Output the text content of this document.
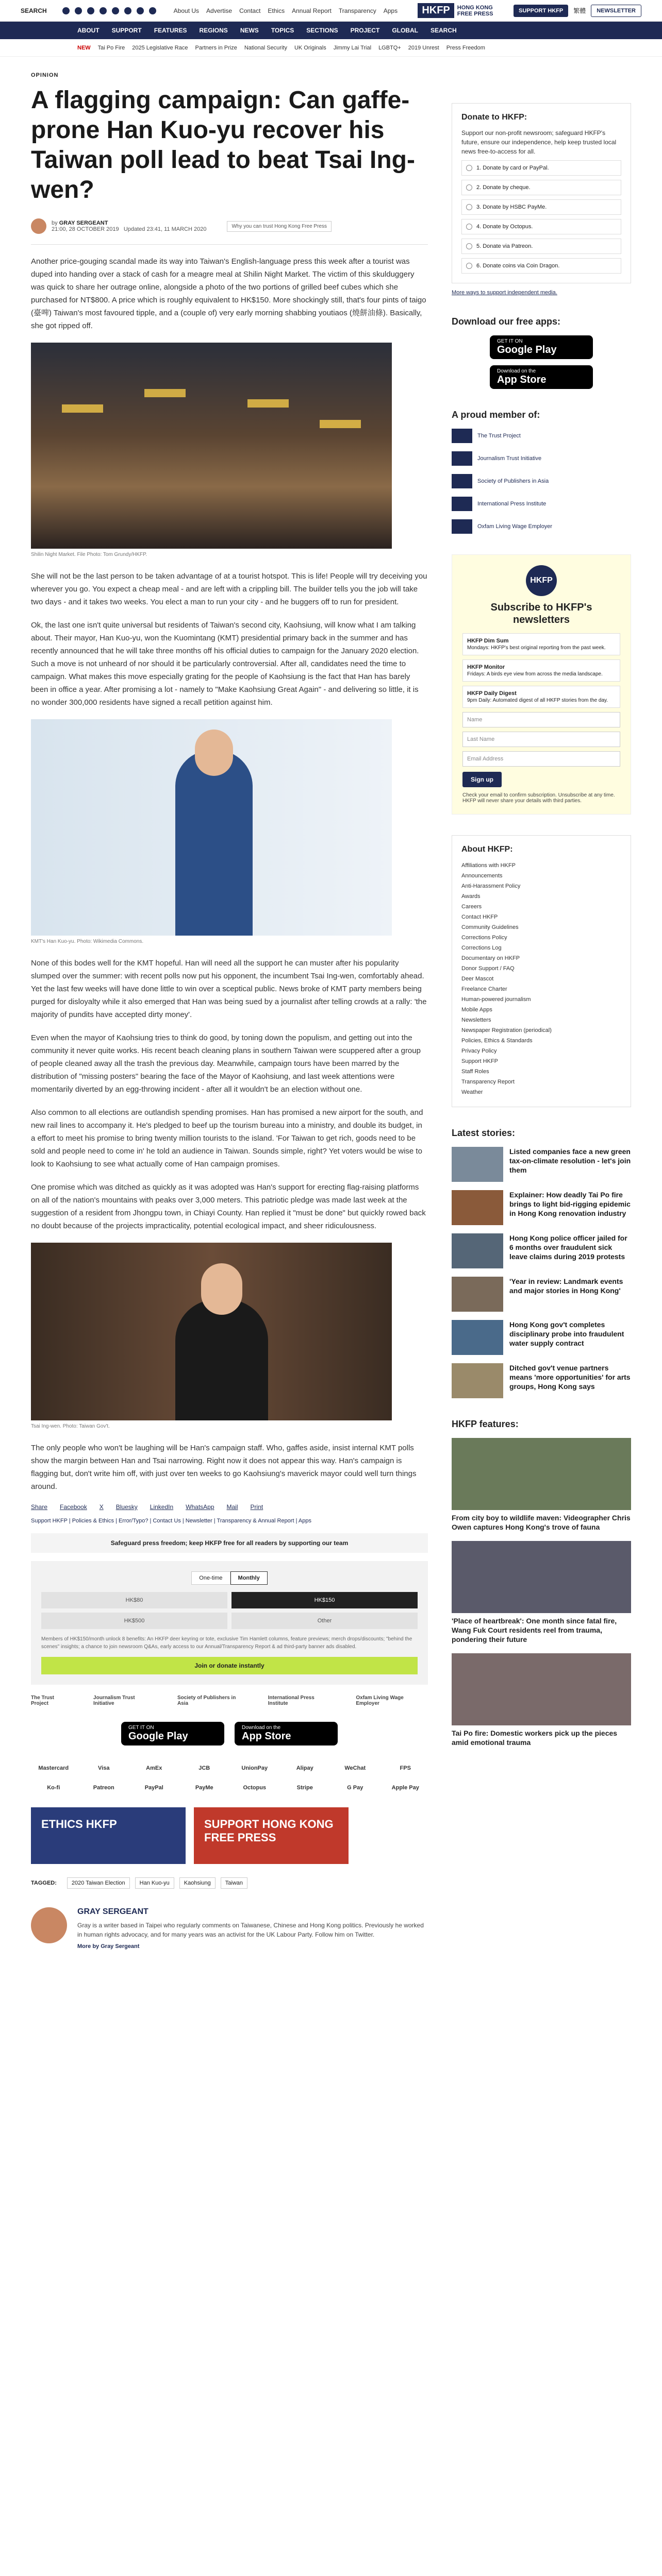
SEARCH	About Us Advertise Contact Ethics Annual Report Transparency Apps	HKFP	HONG KONG FREE PRESS	SUPPORT HKFP	繁體	NEWSLETTER
ABOUT SUPPORT FEATURES REGIONS NEWS TOPICS SECTIONS PROJECT GLOBAL SEARCH
NEW Tai Po Fire 2025 Legislative Race Partners in Prize National Security UK Originals Jimmy Lai Trial LGBTQ+ 2019 Unrest Press Freedom
OPINION
A flagging campaign: Can gaffe-prone Han Kuo-yu recover his Taiwan poll lead to beat Tsai Ing-wen?
by GRAY SERGEANT
21:00, 28 OCTOBER 2019 Updated 23:41, 11 MARCH 2020	Why you can trust Hong Kong Free Press

Another price-gouging scandal made its way into Taiwan's English-language press this week after a tourist was duped into handing over a stack of cash for a meagre meal at Shilin Night Market. The victim of this skulduggery was quick to share her outrage online, alongside a photo of the two portions of grilled beef cubes which she purchased for NT$800. A price which is roughly equivalent to HK$150. More shockingly still, that's four pints of taigo (臺啤) Taiwan's most favoured tipple, and a (couple of) very early morning shabbing youtiaos (燒餅油條). Basically, she got ripped off.

Shilin Night Market. File Photo: Tom Grundy/HKFP.

She will not be the last person to be taken advantage of at a tourist hotspot. This is life! People will try deceiving you wherever you go. You expect a cheap meal - and are left with a crippling bill. The builder tells you the job will take two days - and it takes two weeks. You elect a man to run your city - and he buggers off to run for president.

Ok, the last one isn't quite universal but residents of Taiwan's second city, Kaohsiung, will know what I am talking about. Their mayor, Han Kuo-yu, won the Kuomintang (KMT) presidential primary back in the summer and has recently announced that he will take three months off his official duties to campaign for the January 2020 election. Such a move is not unheard of nor should it be particularly controversial. After all, candidates need the time to campaign. What makes this move especially grating for the people of Kaohsiung is the fact that Han has barely been in office a year. After promising a lot - namely to "Make Kaohsiung Great Again" - and delivering so little, it is no wonder 300,000 residents have signed a recall petition against him.

KMT's Han Kuo-yu. Photo: Wikimedia Commons.

None of this bodes well for the KMT hopeful. Han will need all the support he can muster after his popularity slumped over the summer: with recent polls now put his opponent, the incumbent Tsai Ing-wen, comfortably ahead. Yet the last few weeks will have done little to win over a sceptical public. News broke of KMT party members being purged for disloyalty while it also emerged that Han was being sued by a journalist after telling crowds at a rally: 'the majority of pundits have accepted dirty money'.

Even when the mayor of Kaohsiung tries to think do good, by toning down the populism, and getting out into the community it never quite works. His recent beach cleaning plans in southern Taiwan were scuppered after a group of people cleaned away all the trash the previous day. Meanwhile, campaign tours have been marred by the distribution of "missing posters" bearing the face of the Mayor of Kaohsiung, and last week attentions were momentarily diverted by an egg-throwing incident - after all it wouldn't be an election without one.

Also common to all elections are outlandish spending promises. Han has promised a new airport for the south, and new rail lines to accompany it. He's pledged to beef up the tourism bureau into a ministry, and double its budget, in a effort to meet his promise to bring twenty million tourists to the island. 'For Taiwan to get rich, goods need to be sold and people need to come in' he told an audience in Taiwan. Sounds simple, right? Yet voters would be wise to look to Kaohsiung to see what actually come of Han campaign promises.

One promise which was ditched as quickly as it was adopted was Han's support for erecting flag-raising platforms on all of the nation's mountains with peaks over 3,000 meters. This patriotic pledge was made last week at the suggestion of a resident from Jhongpu town, in Chiayi County. Han replied it "must be done" but quickly rowed back no doubt because of the projects impracticality, potential ecological impact, and sheer ridiculousness.

Tsai Ing-wen. Photo: Taiwan Gov't.

The only people who won't be laughing will be Han's campaign staff. Who, gaffes aside, insist internal KMT polls show the margin between Han and Tsai narrowing. Right now it does not appear this way. Han's campaign is flagging but, don't write him off, with just over ten weeks to go Kaohsiung's maverick mayor could well turn things around.

Share Facebook X Bluesky LinkedIn WhatsApp Mail Print
Support HKFP | Policies & Ethics | Error/Typo? | Contact Us | Newsletter | Transparency & Annual Report | Apps
Safeguard press freedom; keep HKFP free for all readers by supporting our team
One-time	Monthly
HK$80	HK$150
HK$500	Other

Members of HK$150/month unlock 8 benefits: An HKFP deer keyring or tote, exclusive Tim Hamlett columns, feature previews; merch drops/discounts; "behind the scenes" insights; a chance to join newsroom Q&As, early access to our Annual/Transparency Report & ad third-party banner ads disabled.

Join or donate instantly
The Trust Project
Journalism Trust Initiative
Society of Publishers in Asia
International Press Institute
Oxfam Living Wage Employer
GET IT ON
Google Play
Download on the
App Store
Mastercard	Visa	AmEx	JCB	UnionPay	Alipay	WeChat	FPS
Ko-fi	Patreon	PayPal	PayMe	Octopus	Stripe	G Pay	Apple Pay
ETHICS HKFP	SUPPORT HONG KONG FREE PRESS
TAGGED:	2020 Taiwan Election	Han Kuo-yu	Kaohsiung	Taiwan
GRAY SERGEANT

Gray is a writer based in Taipei who regularly comments on Taiwanese, Chinese and Hong Kong politics. Previously he worked in human rights advocacy, and for many years was an activist for the UK Labour Party. Follow him on Twitter.

More by Gray Sergeant
Donate to HKFP:

Support our non-profit newsroom; safeguard HKFP's future, ensure our independence, help keep trusted local news free-to-access for all.

1. Donate by card or PayPal.
2. Donate by cheque.
3. Donate by HSBC PayMe.
4. Donate by Octopus.
5. Donate via Patreon.
6. Donate coins via Coin Dragon.
More ways to support independent media.
Download our free apps:
GET IT ON
Google Play
Download on the
App Store
A proud member of:
The Trust Project
Journalism Trust Initiative
Society of Publishers in Asia
International Press Institute
Oxfam Living Wage Employer
HKFP
Subscribe to HKFP's newsletters
HKFP Dim Sum
Mondays: HKFP's best original reporting from the past week.
HKFP Monitor
Fridays: A birds eye view from across the media landscape.
HKFP Daily Digest
9pm Daily: Automated digest of all HKFP stories from the day.
Name
Last Name
Email Address
Sign up

Check your email to confirm subscription. Unsubscribe at any time. HKFP will never share your details with third parties.

About HKFP:
Affiliations with HKFP
Announcements
Anti-Harassment Policy
Awards
Careers
Contact HKFP
Community Guidelines
Corrections Policy
Corrections Log
Documentary on HKFP
Donor Support / FAQ
Deer Mascot
Freelance Charter
Human-powered journalism
Mobile Apps
Newsletters
Newspaper Registration (periodical)
Policies, Ethics & Standards
Privacy Policy
Support HKFP
Staff Roles
Transparency Report
Weather
Latest stories:
Listed companies face a new green tax-on-climate resolution - let's join them
Explainer: How deadly Tai Po fire brings to light bid-rigging epidemic in Hong Kong renovation industry
Hong Kong police officer jailed for 6 months over fraudulent sick leave claims during 2019 protests
'Year in review: Landmark events and major stories in Hong Kong'
Hong Kong gov't completes disciplinary probe into fraudulent water supply contract
Ditched gov't venue partners means 'more opportunities' for arts groups, Hong Kong says
HKFP features:
From city boy to wildlife maven: Videographer Chris Owen captures Hong Kong's trove of fauna
'Place of heartbreak': One month since fatal fire, Wang Fuk Court residents reel from trauma, pondering their future
Tai Po fire: Domestic workers pick up the pieces amid emotional trauma
